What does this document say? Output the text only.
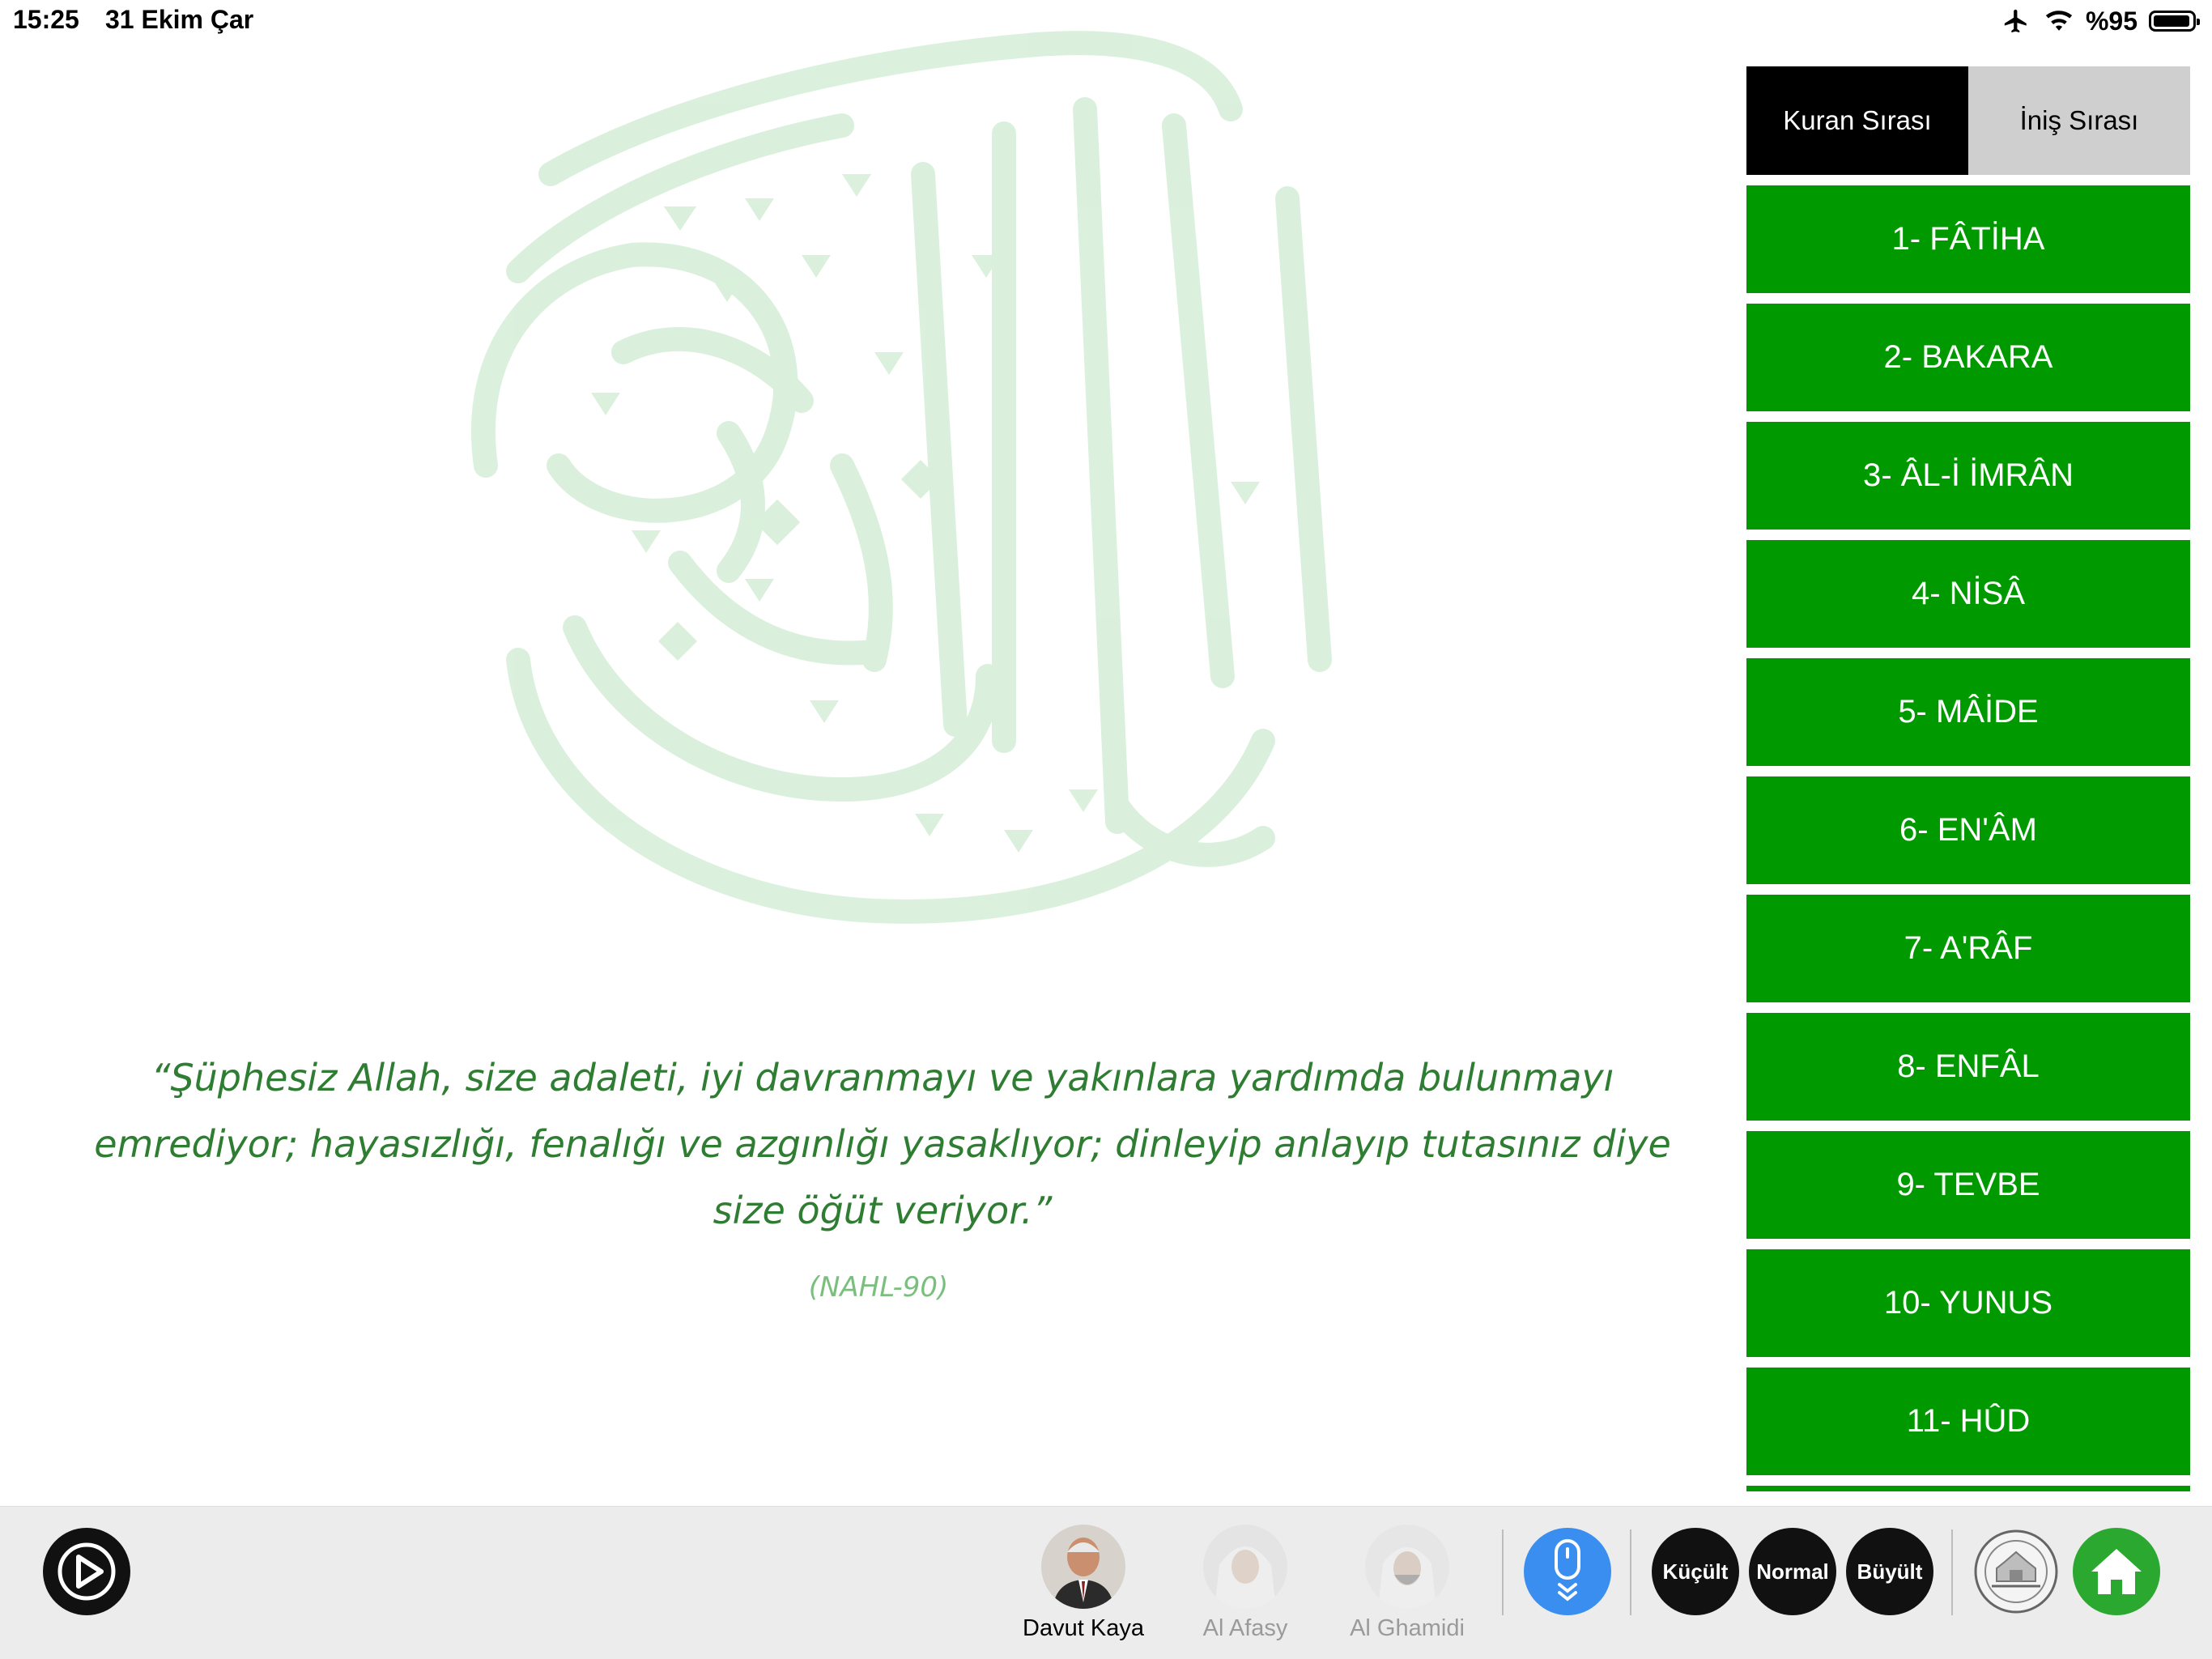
15:25 31 Ekim Çar	%95
“Şüphesiz Allah, size adaleti, iyi davranmayı ve yakınlara yardımda bulunmayı emrediyor; hayasızlığı, fenalığı ve azgınlığı yasaklıyor; dinleyip anlayıp tutasınız diye size öğüt veriyor.”
(NAHL-90)
Kuran Sırası	İniş Sırası
1- FÂTİHA
2- BAKARA
3- ÂL-İ İMRÂN
4- NİSÂ
5- MÂİDE
6- EN'ÂM
7- A'RÂF
8- ENFÂL
9- TEVBE
10- YUNUS
11- HÛD
Davut Kaya	Al Afasy	Al Ghamidi
Küçült	Normal	Büyült
